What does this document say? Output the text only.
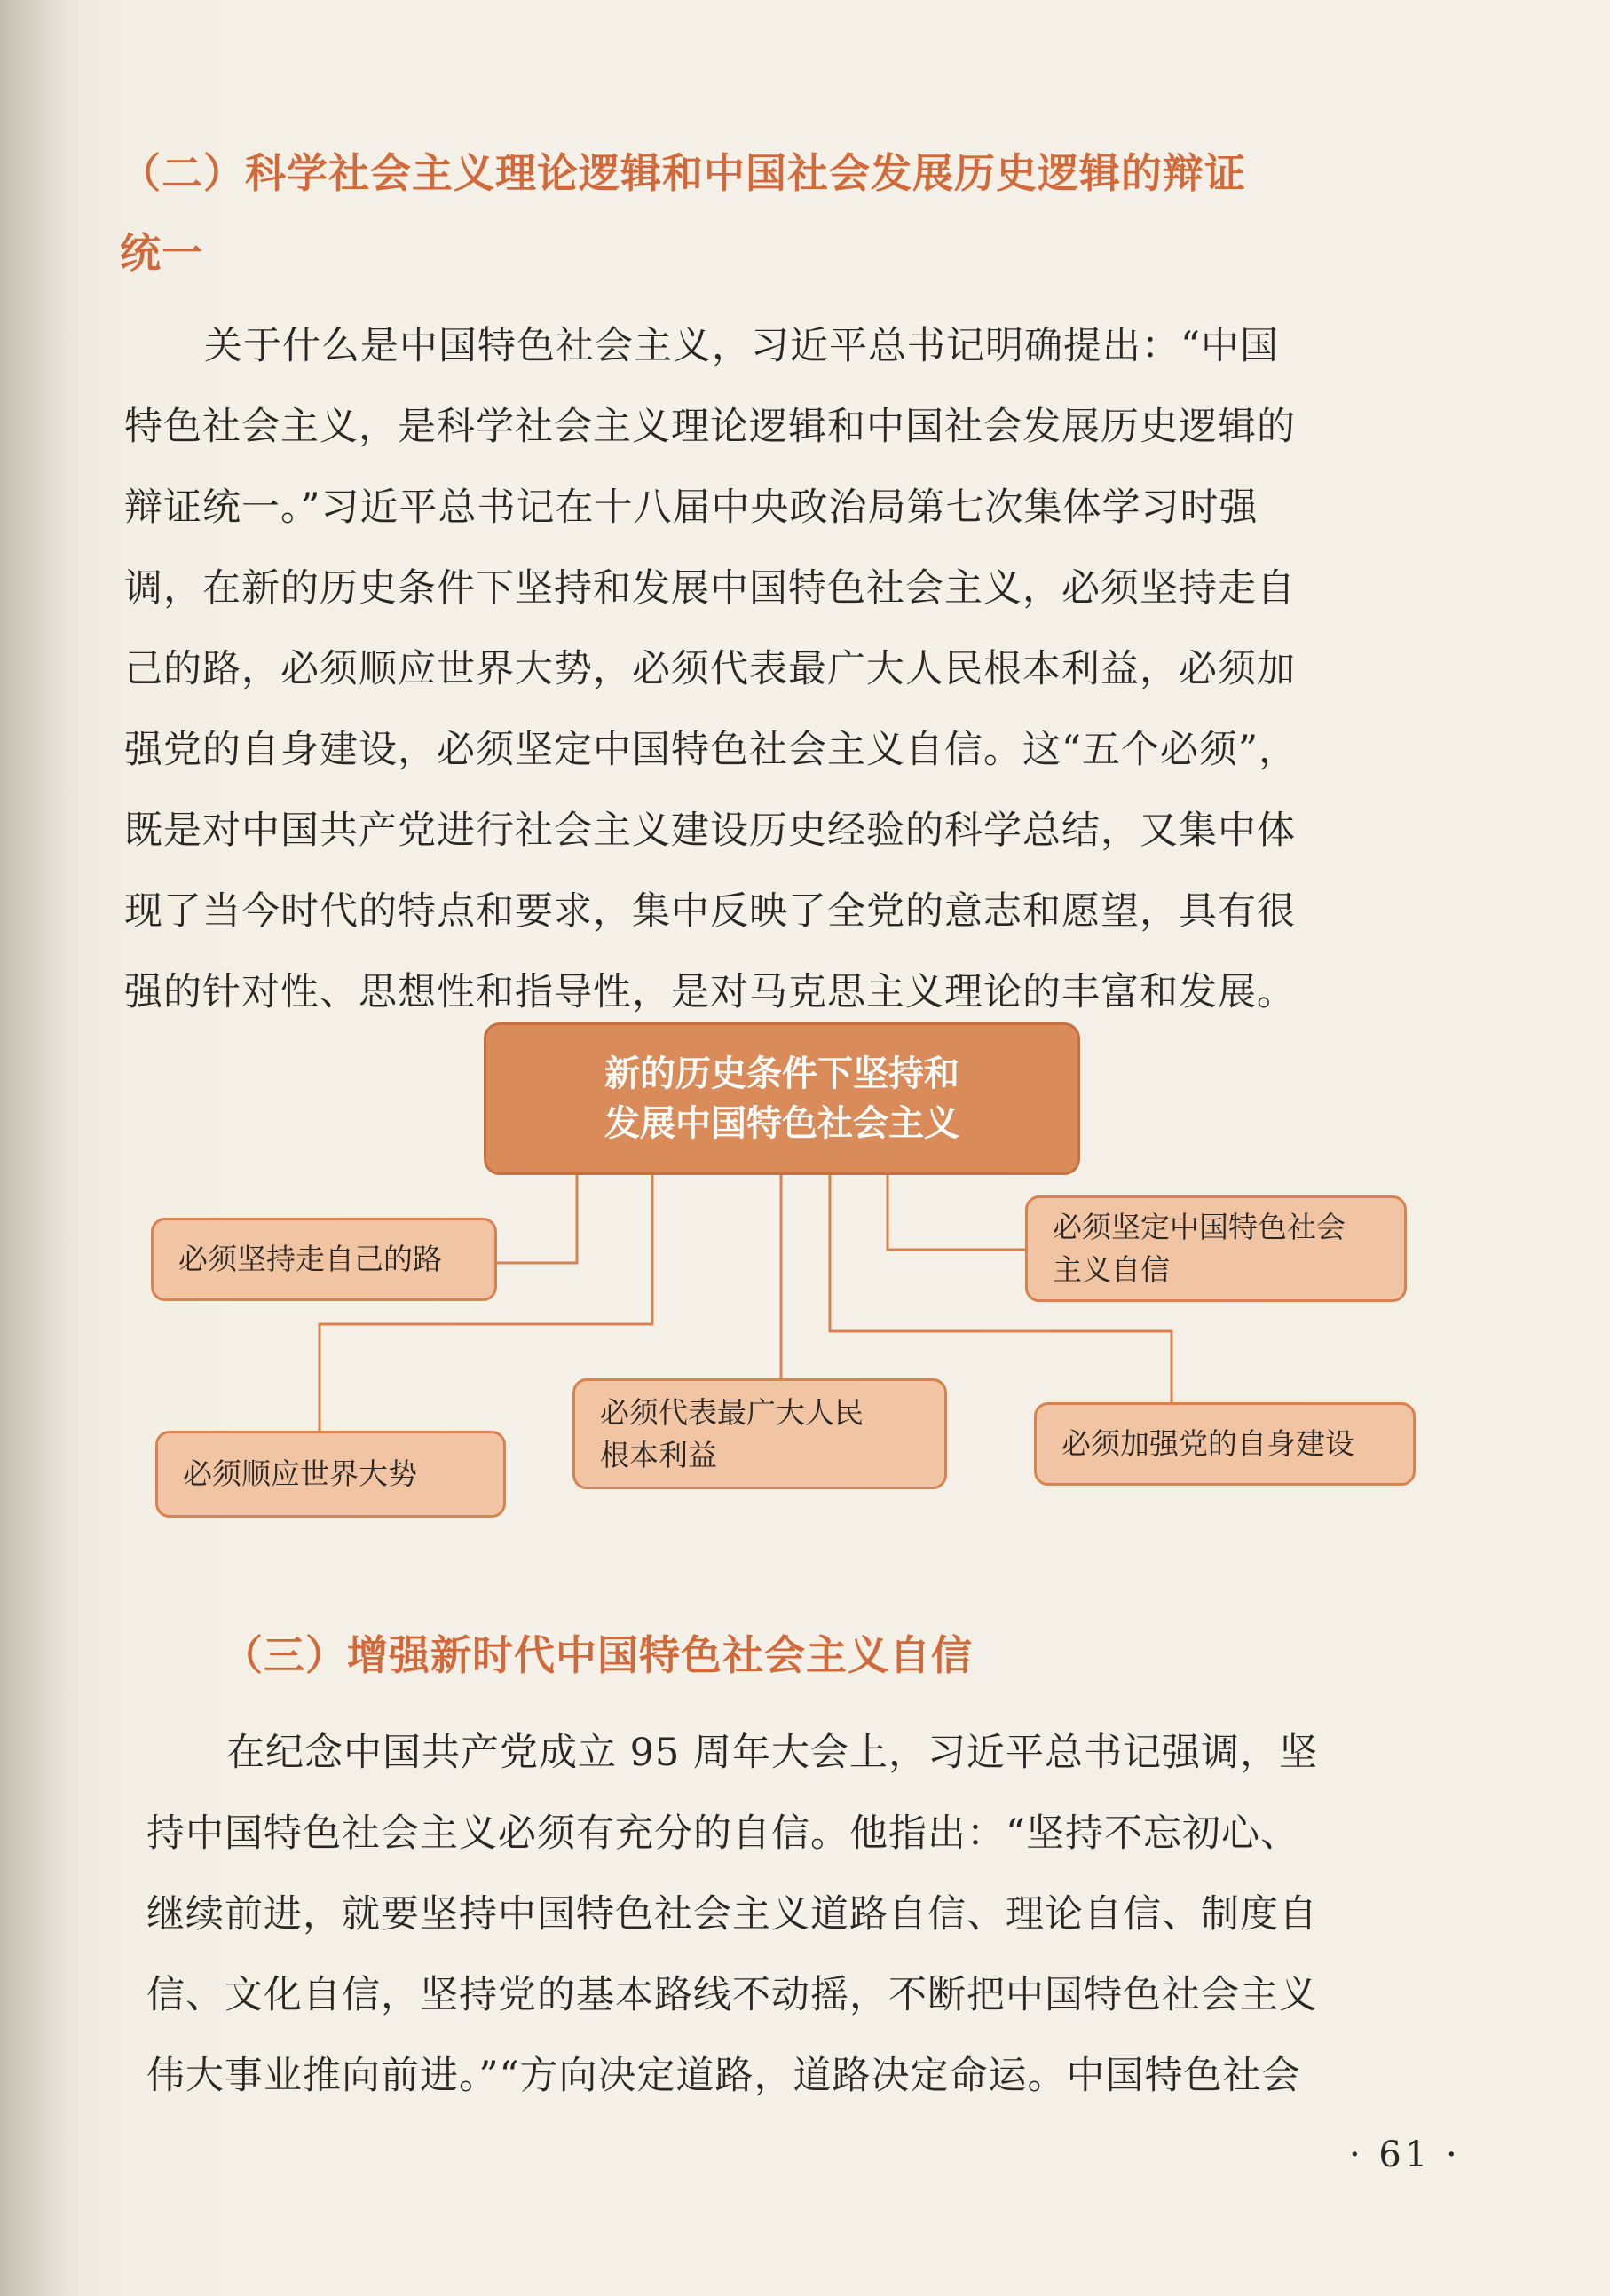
（二）科学社会主义理论逻辑和中国社会发展历史逻辑的辩证
统一
关于什么是中国特色社会主义，习近平总书记明确提出：“中国
特色社会主义，是科学社会主义理论逻辑和中国社会发展历史逻辑的
辩证统一。”习近平总书记在十八届中央政治局第七次集体学习时强
调，在新的历史条件下坚持和发展中国特色社会主义，必须坚持走自
己的路，必须顺应世界大势，必须代表最广大人民根本利益，必须加
强党的自身建设，必须坚定中国特色社会主义自信。这“五个必须”，
既是对中国共产党进行社会主义建设历史经验的科学总结，又集中体
现了当今时代的特点和要求，集中反映了全党的意志和愿望，具有很
强的针对性、思想性和指导性，是对马克思主义理论的丰富和发展。
新的历史条件下坚持和
发展中国特色社会主义
必须坚持走自己的路
必须坚定中国特色社会
主义自信
必须代表最广大人民
根本利益	必须加强党的自身建设
必须顺应世界大势
（三）增强新时代中国特色社会主义自信
在纪念中国共产党成立 95 周年大会上，习近平总书记强调，坚
持中国特色社会主义必须有充分的自信。他指出：“坚持不忘初心、
继续前进，就要坚持中国特色社会主义道路自信、理论自信、制度自
信、文化自信，坚持党的基本路线不动摇，不断把中国特色社会主义
伟大事业推向前进。”“方向决定道路，道路决定命运。中国特色社会
· 61 ·
